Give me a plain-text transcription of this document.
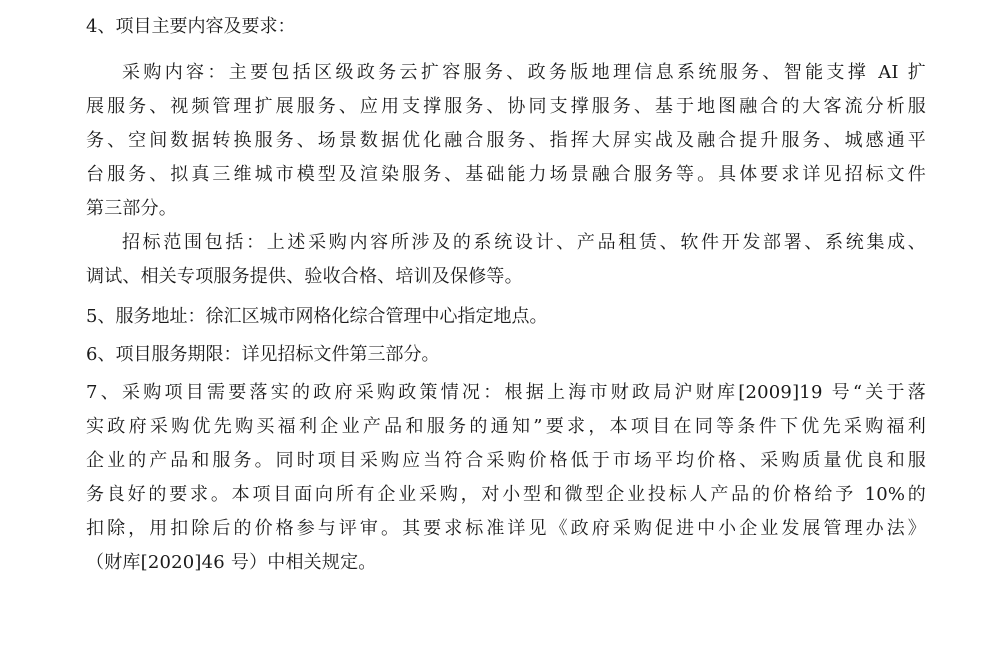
4、项目主要内容及要求：
采购内容：主要包括区级政务云扩容服务、政务版地理信息系统服务、智能支撑 AI 扩
展服务、视频管理扩展服务、应用支撑服务、协同支撑服务、基于地图融合的大客流分析服
务、空间数据转换服务、场景数据优化融合服务、指挥大屏实战及融合提升服务、城感通平
台服务、拟真三维城市模型及渲染服务、基础能力场景融合服务等。具体要求详见招标文件
第三部分。
招标范围包括：上述采购内容所涉及的系统设计、产品租赁、软件开发部署、系统集成、
调试、相关专项服务提供、验收合格、培训及保修等。
5、服务地址：徐汇区城市网格化综合管理中心指定地点。
6、项目服务期限：详见招标文件第三部分。
7、采购项目需要落实的政府采购政策情况：根据上海市财政局沪财库[2009]19 号“关于落
实政府采购优先购买福利企业产品和服务的通知”要求，本项目在同等条件下优先采购福利
企业的产品和服务。同时项目采购应当符合采购价格低于市场平均价格、采购质量优良和服
务良好的要求。本项目面向所有企业采购，对小型和微型企业投标人产品的价格给予 10%的
扣除，用扣除后的价格参与评审。其要求标准详见《政府采购促进中小企业发展管理办法》
（财库[2020]46 号）中相关规定。
